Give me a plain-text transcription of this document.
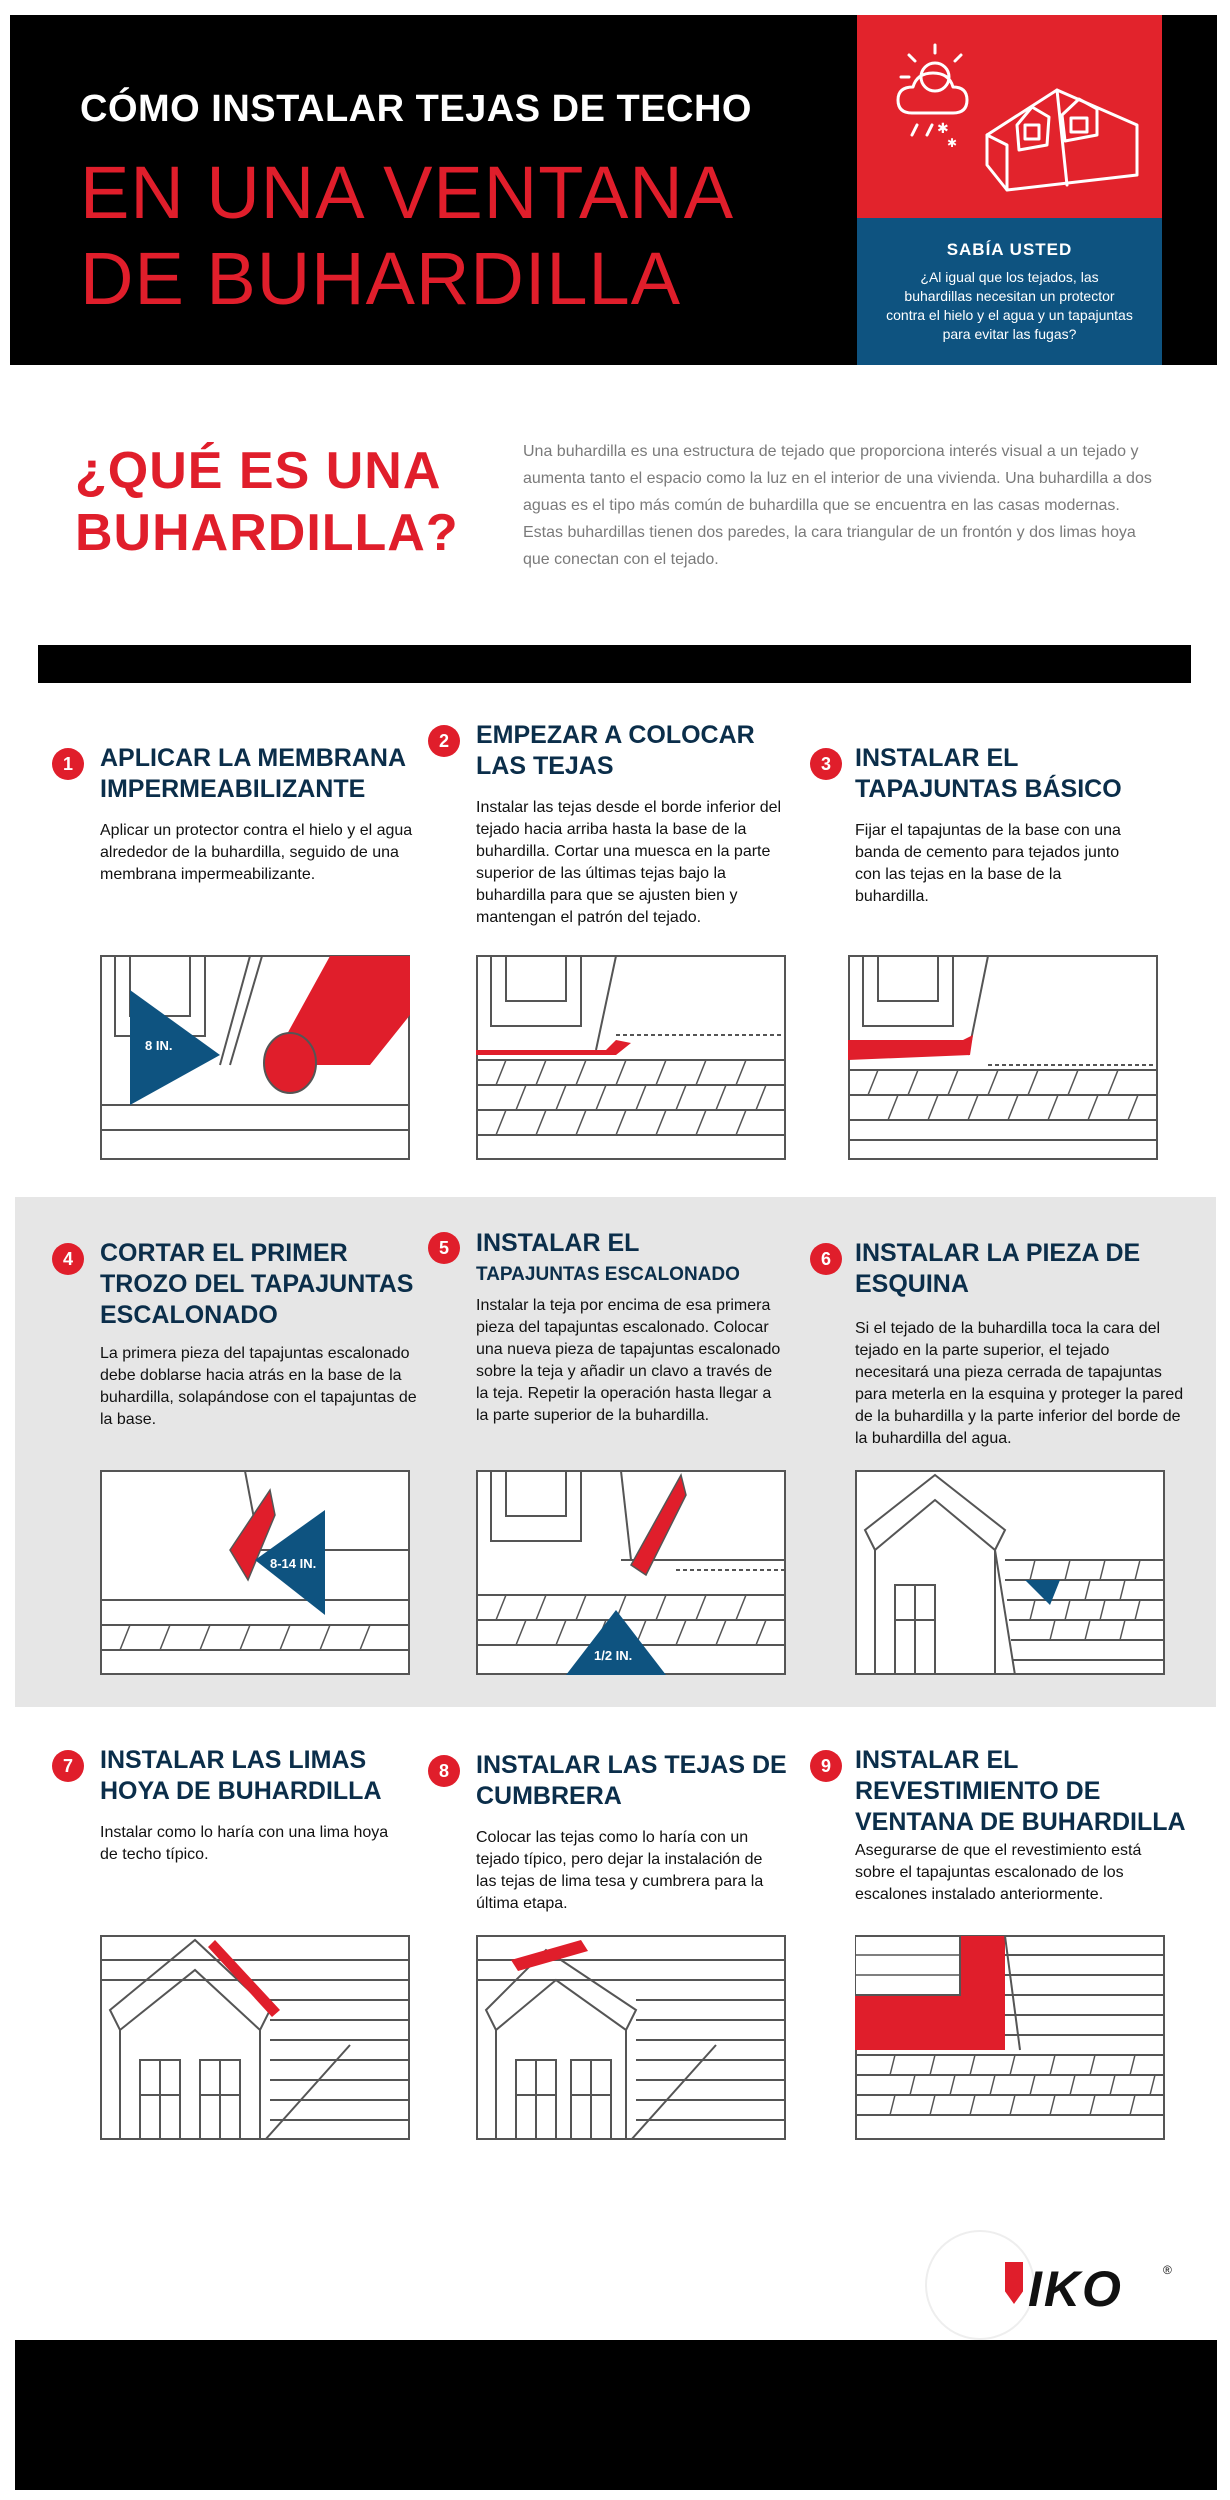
CÓMO INSTALAR TEJAS DE TECHO
EN UNA VENTANA
DE BUHARDILLA
✱
✱
SABÍA USTED
¿Al igual que los tejados, las buhardillas necesitan un protector contra el hielo y el agua y un tapajuntas para evitar las fugas?
¿QUÉ ES UNA
BUHARDILLA?
Una buhardilla es una estructura de tejado que proporciona interés visual a un tejado y aumenta tanto el espacio como la luz en el interior de una vivienda. Una buhardilla a dos aguas es el tipo más común de buhardilla que se encuentra en las casas modernas. Estas buhardillas tienen dos paredes, la cara triangular de un frontón y dos limas hoya que conectan con el tejado.
1	APLICAR LA MEMBRANA IMPERMEABILIZANTE
Aplicar un protector contra el hielo y el agua alrededor de la buhardilla, seguido de una membrana impermeabilizante.
8 IN.
2	EMPEZAR A COLOCAR LAS TEJAS
Instalar las tejas desde el borde inferior del tejado hacia arriba hasta la base de la buhardilla. Cortar una muesca en la parte superior de las últimas tejas bajo la buhardilla para que se ajusten bien y mantengan el patrón del tejado.
3 INSTALAR EL TAPAJUNTAS BÁSICO
Fijar el tapajuntas de la base con una banda de cemento para tejados junto con las tejas en la base de la buhardilla.
4	CORTAR EL PRIMER TROZO DEL TAPAJUNTAS ESCALONADO
La primera pieza del tapajuntas escalonado debe doblarse hacia atrás en la base de la buhardilla, solapándose con el tapajuntas de la base.
8-14 IN.
5	INSTALAR EL
TAPAJUNTAS ESCALONADO
Instalar la teja por encima de esa primera pieza del tapajuntas escalonado. Colocar una nueva pieza de tapajuntas escalonado sobre la teja y añadir un clavo a través de la teja. Repetir la operación hasta llegar a la parte superior de la buhardilla.
1/2 IN.
6 INSTALAR LA PIEZA DE ESQUINA
Si el tejado de la buhardilla toca la cara del tejado en la parte superior, el tejado necesitará una pieza cerrada de tapajuntas para meterla en la esquina y proteger la pared de la buhardilla y la parte inferior del borde de la buhardilla del agua.
7	INSTALAR LAS LIMAS HOYA DE BUHARDILLA
Instalar como lo haría con una lima hoya de techo típico.
8	INSTALAR LAS TEJAS DE CUMBRERA
Colocar las tejas como lo haría con un tejado típico, pero dejar la instalación de las tejas de lima tesa y cumbrera para la última etapa.
9 INSTALAR EL REVESTIMIENTO DE VENTANA DE BUHARDILLA
Asegurarse de que el revestimiento está sobre el tapajuntas escalonado de los escalones instalado anteriormente.
IKO	®
